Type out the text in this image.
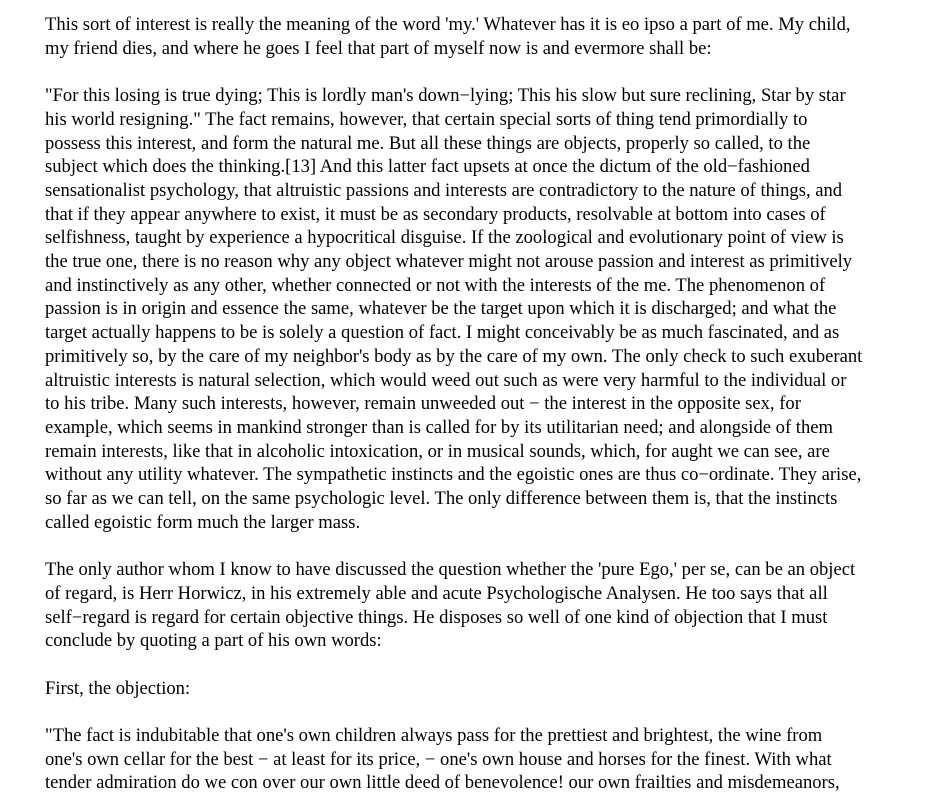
This sort of interest is really the meaning of the word 'my.' Whatever has it is eo ipso a part of me. My child,
my friend dies, and where he goes I feel that part of myself now is and evermore shall be:

"For this losing is true dying; This is lordly man's down−lying; This his slow but sure reclining, Star by star
his world resigning." The fact remains, however, that certain special sorts of thing tend primordially to
possess this interest, and form the natural me. But all these things are objects, properly so called, to the
subject which does the thinking.[13] And this latter fact upsets at once the dictum of the old−fashioned
sensationalist psychology, that altruistic passions and interests are contradictory to the nature of things, and
that if they appear anywhere to exist, it must be as secondary products, resolvable at bottom into cases of
selfishness, taught by experience a hypocritical disguise. If the zoological and evolutionary point of view is
the true one, there is no reason why any object whatever might not arouse passion and interest as primitively
and instinctively as any other, whether connected or not with the interests of the me. The phenomenon of
passion is in origin and essence the same, whatever be the target upon which it is discharged; and what the
target actually happens to be is solely a question of fact. I might conceivably be as much fascinated, and as
primitively so, by the care of my neighbor's body as by the care of my own. The only check to such exuberant
altruistic interests is natural selection, which would weed out such as were very harmful to the individual or
to his tribe. Many such interests, however, remain unweeded out − the interest in the opposite sex, for
example, which seems in mankind stronger than is called for by its utilitarian need; and alongside of them
remain interests, like that in alcoholic intoxication, or in musical sounds, which, for aught we can see, are
without any utility whatever. The sympathetic instincts and the egoistic ones are thus co−ordinate. They arise,
so far as we can tell, on the same psychologic level. The only difference between them is, that the instincts
called egoistic form much the larger mass.

The only author whom I know to have discussed the question whether the 'pure Ego,' per se, can be an object
of regard, is Herr Horwicz, in his extremely able and acute Psychologische Analysen. He too says that all
self−regard is regard for certain objective things. He disposes so well of one kind of objection that I must
conclude by quoting a part of his own words:

First, the objection:

"The fact is indubitable that one's own children always pass for the prettiest and brightest, the wine from
one's own cellar for the best − at least for its price, − one's own house and horses for the finest. With what
tender admiration do we con over our own little deed of benevolence! our own frailties and misdemeanors,
